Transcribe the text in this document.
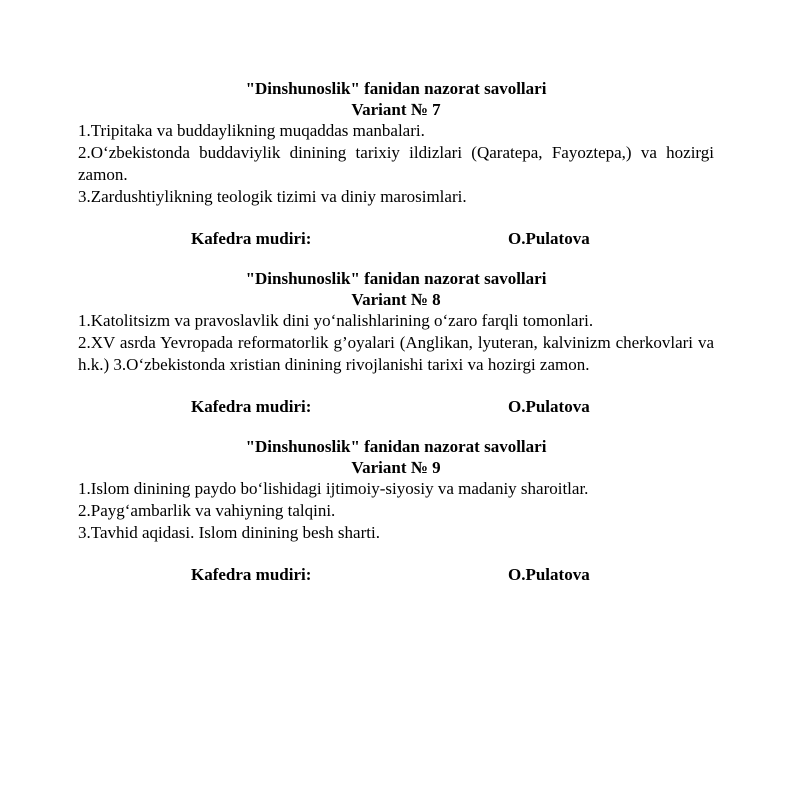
"Dinshunoslik" fanidan nazorat savollari

Variant № 7

1.Tripitaka va buddaylikning muqaddas manbalari.

2.O‘zbekistonda buddaviylik dinining tarixiy ildizlari (Qaratepa, Fayoztepa,) va hozirgi zamon.

3.Zardushtiylikning teologik tizimi va diniy marosimlari.

Kafedra mudiri:	O.Pulatova

"Dinshunoslik" fanidan nazorat savollari

Variant № 8

1.Katolitsizm va pravoslavlik dini yo‘nalishlarining o‘zaro farqli tomonlari.

2.XV asrda Yevropada reformatorlik g’oyalari (Anglikan, lyuteran, kalvinizm cherkovlari va h.k.) 3.O‘zbekistonda xristian dinining rivojlanishi tarixi va hozirgi zamon.

Kafedra mudiri:	O.Pulatova

"Dinshunoslik" fanidan nazorat savollari

Variant № 9

1.Islom dinining paydo bo‘lishidagi ijtimoiy-siyosiy va madaniy sharoitlar.

2.Payg‘ambarlik va vahiyning talqini.

3.Tavhid aqidasi. Islom dinining besh sharti.

Kafedra mudiri:	O.Pulatova
